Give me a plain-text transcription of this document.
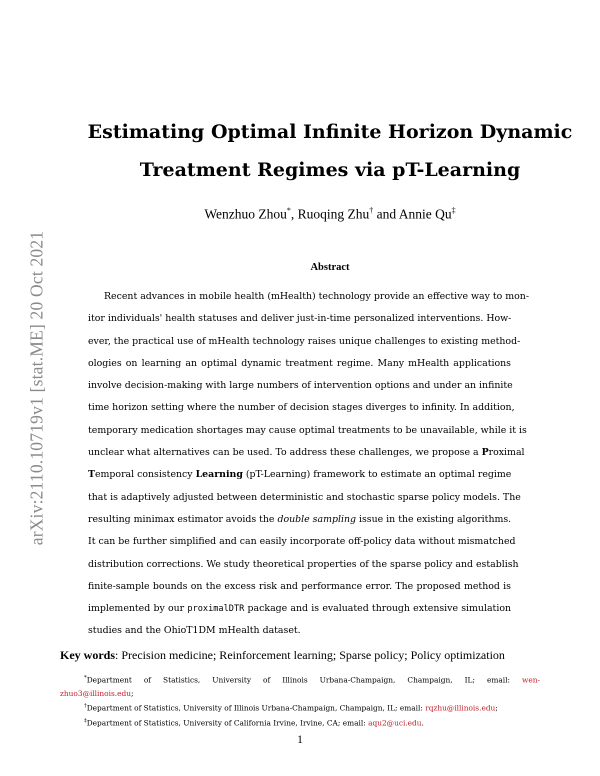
arXiv:2110.10719v1 [stat.ME] 20 Oct 2021
Estimating Optimal Infinite Horizon Dynamic
Treatment Regimes via pT-Learning
Wenzhuo Zhou*, Ruoqing Zhu† and Annie Qu‡
Abstract
Recent advances in mobile health (mHealth) technology provide an effective way to mon-
itor individuals' health statuses and deliver just-in-time personalized interventions. How-
ever, the practical use of mHealth technology raises unique challenges to existing method-
ologies on learning an optimal dynamic treatment regime. Many mHealth applications
involve decision-making with large numbers of intervention options and under an infinite
time horizon setting where the number of decision stages diverges to infinity. In addition,
temporary medication shortages may cause optimal treatments to be unavailable, while it is
unclear what alternatives can be used. To address these challenges, we propose a Proximal
Temporal consistency Learning (pT-Learning) framework to estimate an optimal regime
that is adaptively adjusted between deterministic and stochastic sparse policy models. The
resulting minimax estimator avoids the double sampling issue in the existing algorithms.
It can be further simplified and can easily incorporate off-policy data without mismatched
distribution corrections. We study theoretical properties of the sparse policy and establish
finite-sample bounds on the excess risk and performance error. The proposed method is
implemented by our proximalDTR package and is evaluated through extensive simulation
studies and the OhioT1DM mHealth dataset.
Key words: Precision medicine; Reinforcement learning; Sparse policy; Policy optimization
*Department of Statistics, University of Illinois Urbana-Champaign, Champaign, IL; email: wen-
zhuo3@illinois.edu;
†Department of Statistics, University of Illinois Urbana-Champaign, Champaign, IL; email: rqzhu@illinois.edu;
‡Department of Statistics, University of California Irvine, Irvine, CA; email: aqu2@uci.edu.
1
